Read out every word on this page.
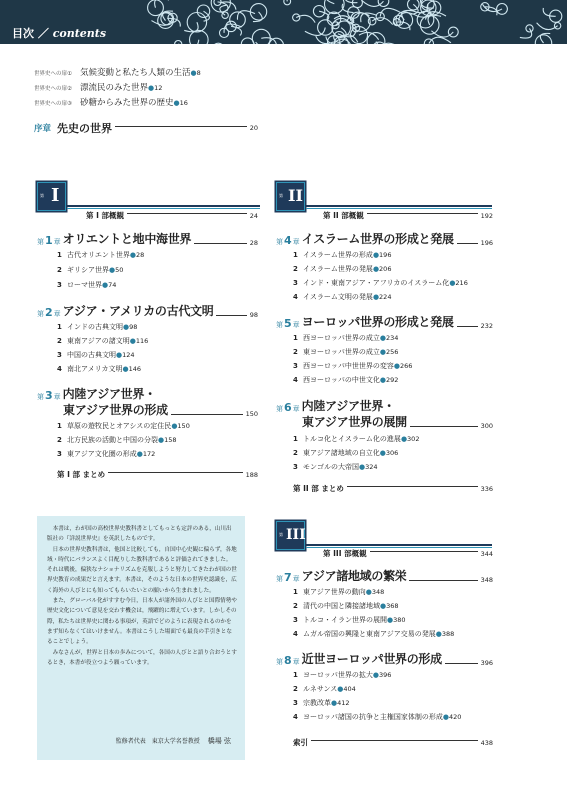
目次 ／ contents
世界史への扉① 気候変動と私たち人類の生活●8
世界史への扉② 漂流民のみた世界●12
世界史への扉③ 砂糖からみた世界の歴史●16
序章 先史の世界	20
第 I
第 I 部概観	24
第 1 章 オリエントと地中海世界	28
1 古代オリエント世界●28
2 ギリシア世界●50
3 ローマ世界●74
第 2 章 アジア・アメリカの古代文明	98
1 インドの古典文明●98
2 東南アジアの諸文明●116
3 中国の古典文明●124
4 南北アメリカ文明●146
第 3 章 内陸アジア世界・
東アジア世界の形成	150
1 草原の遊牧民とオアシスの定住民●150
2 北方民族の活動と中国の分裂●158
3 東アジア文化圏の形成●172
第 I 部 まとめ	188
第 II
第 II 部概観	192
第 4 章 イスラーム世界の形成と発展	196
1 イスラーム世界の形成●196
2 イスラーム世界の発展●206
3 インド・東南アジア・アフリカのイスラーム化●216
4 イスラーム文明の発展●224
第 5 章 ヨーロッパ世界の形成と発展	232
1 西ヨーロッパ世界の成立●234
2 東ヨーロッパ世界の成立●256
3 西ヨーロッパ中世世界の変容●266
4 西ヨーロッパの中世文化●292
第 6 章 内陸アジア世界・
東アジア世界の展開	300
1 トルコ化とイスラーム化の進展●302
2 東アジア諸地域の自立化●306
3 モンゴルの大帝国●324
第 II 部 まとめ	336
第 III
第 III 部概観	344
第 7 章 アジア諸地域の繁栄	348
1 東アジア世界の動向●348
2 清代の中国と隣接諸地域●368
3 トルコ・イラン世界の展開●380
4 ムガル帝国の興隆と東南アジア交易の発展●388
第 8 章 近世ヨーロッパ世界の形成	396
1 ヨーロッパ世界の拡大●396
2 ルネサンス●404
3 宗教改革●412
4 ヨーロッパ諸国の抗争と主権国家体制の形成●420
索引	438

本書は，わが国の高校世界史教科書としてもっとも定評のある，山川出版社の『詳説世界史』を英訳したものです。

日本の世界史教科書は，他国と比較しても，自国中心史観に偏らず，各地域・時代にバランスよく目配りした教科書であると評価されてきました。それは戦後，偏狭なナショナリズムを克服しようと努力してきたわが国の世界史教育の成果だと言えます。本書は，そのような日本の世界史認識を，広く海外の人びとにも知ってもらいたいとの願いから生まれました。

また，グローバル化がすすむ今日，日本人が諸外国の人びとと国際情勢や歴史文化について意見を交わす機会は，飛躍的に増えています。しかしその際，私たちは世界史に関わる事項が，英語でどのように表現されるのかをまず知らなくてはいけません。本書はこうした場面でも最良の手引きとなることでしょう。

みなさんが，世界と日本の歩みについて，各国の人びとと語り合おうとするとき，本書が役立つよう願っています。

監修者代表　東京大学名誉教授 橋場 弦
